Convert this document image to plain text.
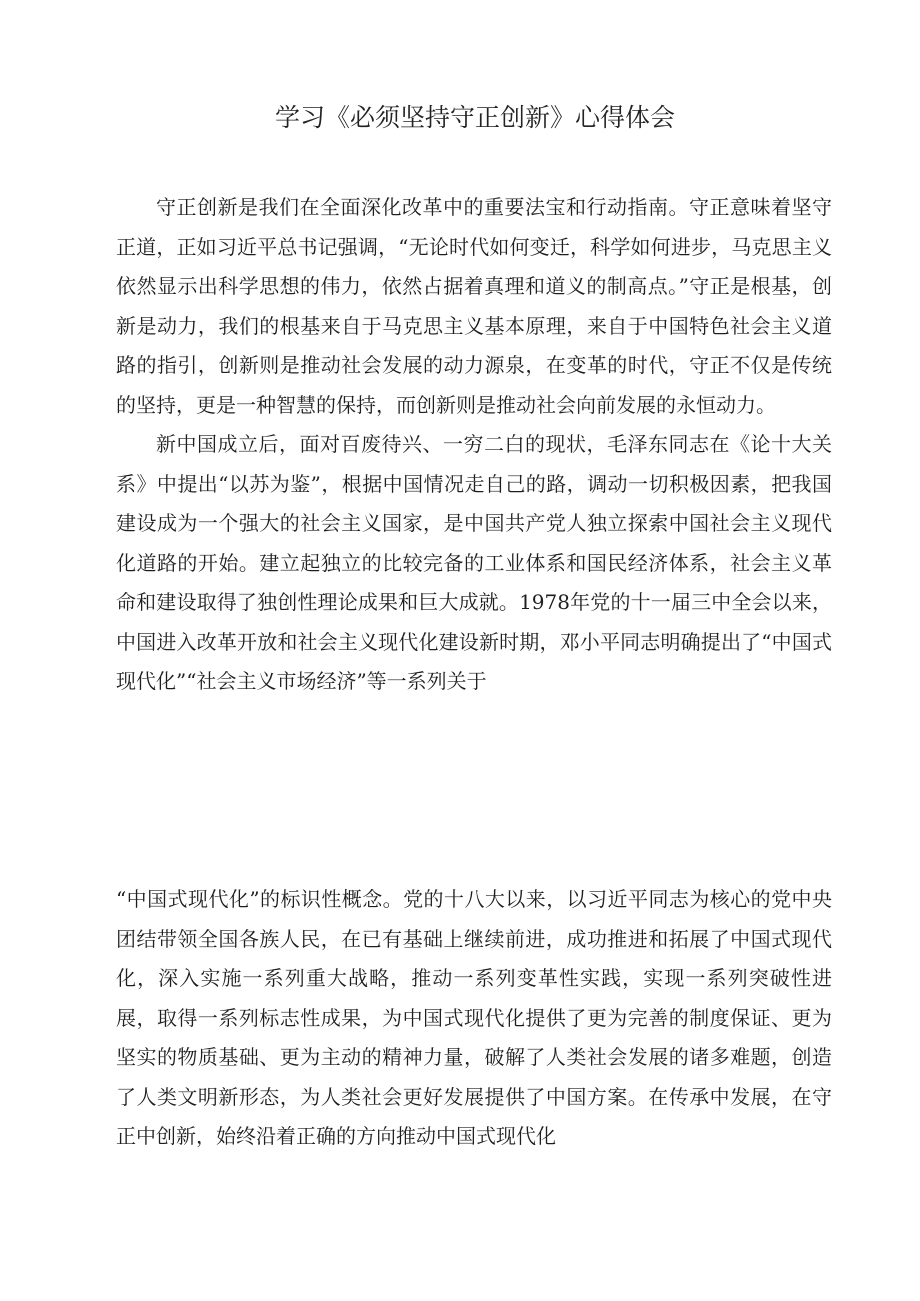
学习《必须坚持守正创新》心得体会

守正创新是我们在全面深化改革中的重要法宝和行动指南。守正意味着坚守正道，正如习近平总书记强调，“无论时代如何变迁，科学如何进步，马克思主义依然显示出科学思想的伟力，依然占据着真理和道义的制高点。”守正是根基，创新是动力，我们的根基来自于马克思主义基本原理，来自于中国特色社会主义道路的指引，创新则是推动社会发展的动力源泉，在变革的时代，守正不仅是传统的坚持，更是一种智慧的保持，而创新则是推动社会向前发展的永恒动力。

新中国成立后，面对百废待兴、一穷二白的现状，毛泽东同志在《论十大关系》中提出“以苏为鉴”，根据中国情况走自己的路，调动一切积极因素，把我国建设成为一个强大的社会主义国家，是中国共产党人独立探索中国社会主义现代化道路的开始。建立起独立的比较完备的工业体系和国民经济体系，社会主义革命和建设取得了独创性理论成果和巨大成就。1978年党的十一届三中全会以来，中国进入改革开放和社会主义现代化建设新时期，邓小平同志明确提出了“中国式现代化”“社会主义市场经济”等一系列关于

“中国式现代化”的标识性概念。党的十八大以来，以习近平同志为核心的党中央团结带领全国各族人民，在已有基础上继续前进，成功推进和拓展了中国式现代化，深入实施一系列重大战略，推动一系列变革性实践，实现一系列突破性进展，取得一系列标志性成果，为中国式现代化提供了更为完善的制度保证、更为坚实的物质基础、更为主动的精神力量，破解了人类社会发展的诸多难题，创造了人类文明新形态，为人类社会更好发展提供了中国方案。在传承中发展，在守正中创新，始终沿着正确的方向推动中国式现代化
